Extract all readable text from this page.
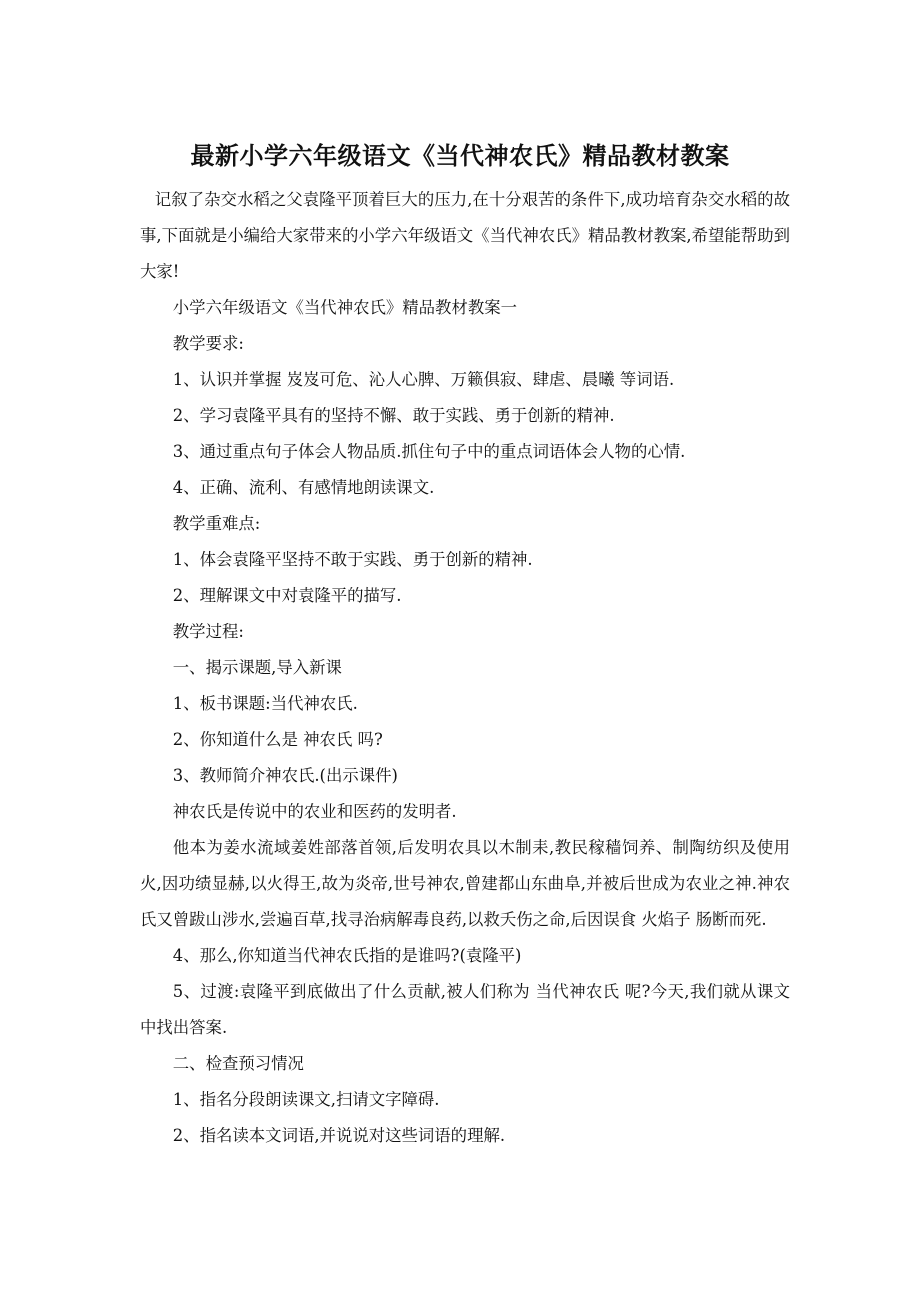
最新小学六年级语文《当代神农氏》精品教材教案

记叙了杂交水稻之父袁隆平顶着巨大的压力,在十分艰苦的条件下,成功培育杂交水稻的故事,下面就是小编给大家带来的小学六年级语文《当代神农氏》精品教材教案,希望能帮助到大家!

小学六年级语文《当代神农氏》精品教材教案一

教学要求:

1、认识并掌握 岌岌可危、沁人心脾、万籁俱寂、肆虐、晨曦 等词语.

2、学习袁隆平具有的坚持不懈、敢于实践、勇于创新的精神.

3、通过重点句子体会人物品质.抓住句子中的重点词语体会人物的心情.

4、正确、流利、有感情地朗读课文.

教学重难点:

1、体会袁隆平坚持不敢于实践、勇于创新的精神.

2、理解课文中对袁隆平的描写.

教学过程:

一、揭示课题,导入新课

1、板书课题:当代神农氏.

2、你知道什么是 神农氏 吗?

3、教师简介神农氏.(出示课件)

神农氏是传说中的农业和医药的发明者.

他本为姜水流域姜姓部落首领,后发明农具以木制耒,教民稼穑饲养、制陶纺织及使用火,因功绩显赫,以火得王,故为炎帝,世号神农,曾建都山东曲阜,并被后世成为农业之神.神农氏又曾跋山涉水,尝遍百草,找寻治病解毒良药,以救夭伤之命,后因误食 火焰子 肠断而死.

4、那么,你知道当代神农氏指的是谁吗?(袁隆平)

5、过渡:袁隆平到底做出了什么贡献,被人们称为 当代神农氏 呢?今天,我们就从课文中找出答案.

二、检查预习情况

1、指名分段朗读课文,扫请文字障碍.

2、指名读本文词语,并说说对这些词语的理解.
